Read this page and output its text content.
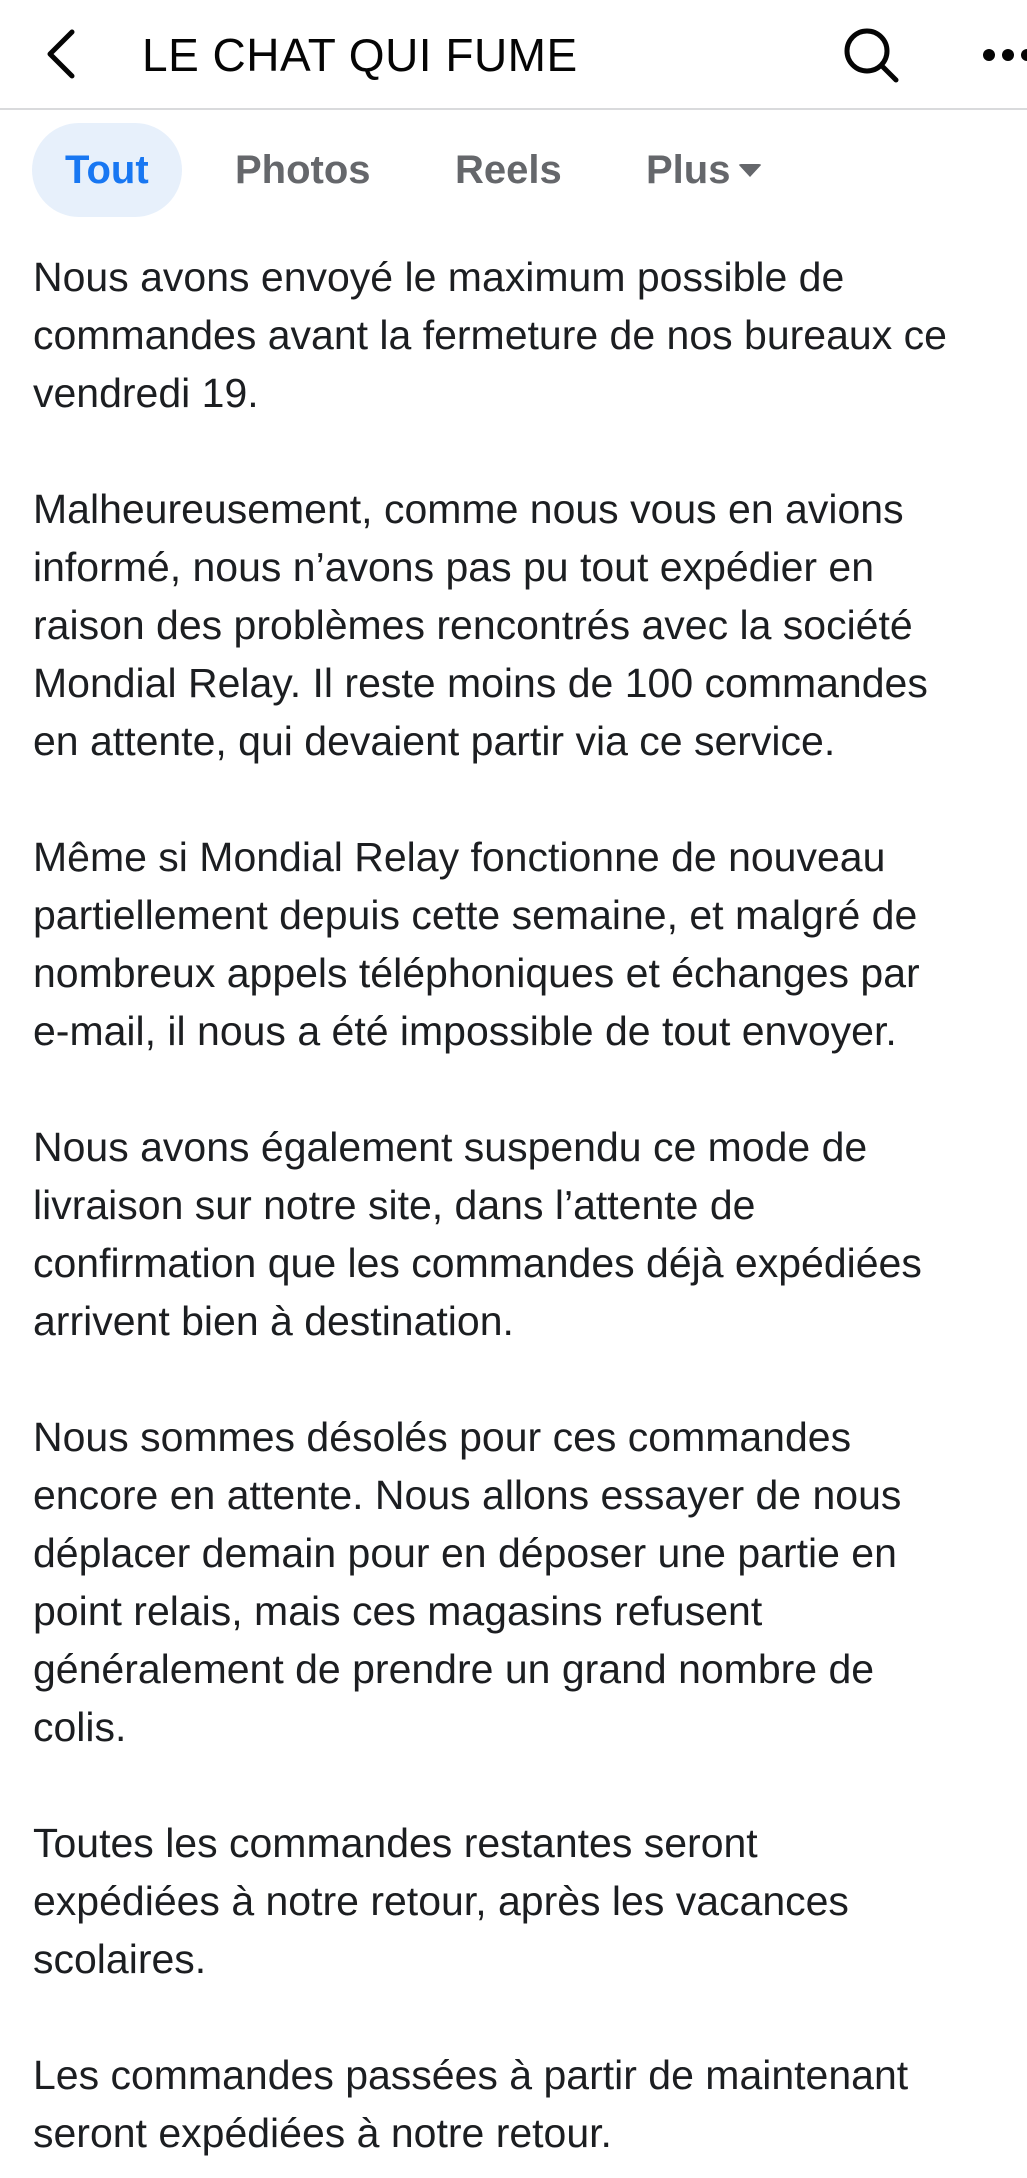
LE CHAT QUI FUME
Tout	Photos Reels Plus

Nous avons envoyé le maximum possible de
commandes avant la fermeture de nos bureaux ce
vendredi 19.

Malheureusement, comme nous vous en avions
informé, nous n’avons pas pu tout expédier en
raison des problèmes rencontrés avec la société
Mondial Relay. Il reste moins de 100 commandes
en attente, qui devaient partir via ce service.

Même si Mondial Relay fonctionne de nouveau
partiellement depuis cette semaine, et malgré de
nombreux appels téléphoniques et échanges par
e-mail, il nous a été impossible de tout envoyer.

Nous avons également suspendu ce mode de
livraison sur notre site, dans l’attente de
confirmation que les commandes déjà expédiées
arrivent bien à destination.

Nous sommes désolés pour ces commandes
encore en attente. Nous allons essayer de nous
déplacer demain pour en déposer une partie en
point relais, mais ces magasins refusent
généralement de prendre un grand nombre de
colis.

Toutes les commandes restantes seront
expédiées à notre retour, après les vacances
scolaires.

Les commandes passées à partir de maintenant
seront expédiées à notre retour.
